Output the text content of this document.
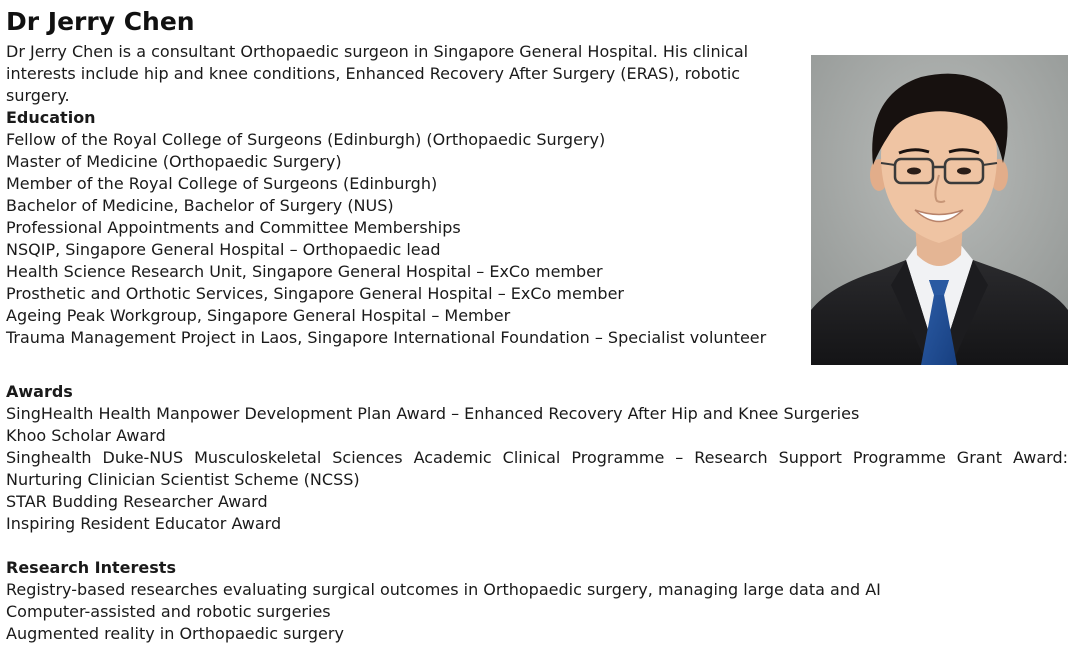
Dr Jerry Chen

Dr Jerry Chen is a consultant Orthopaedic surgeon in Singapore General Hospital. His clinical interests include hip and knee conditions, Enhanced Recovery After Surgery (ERAS), robotic surgery.

Education

Fellow of the Royal College of Surgeons (Edinburgh) (Orthopaedic Surgery)

Master of Medicine (Orthopaedic Surgery)

Member of the Royal College of Surgeons (Edinburgh)

Bachelor of Medicine, Bachelor of Surgery (NUS)

Professional Appointments and Committee Memberships

NSQIP, Singapore General Hospital – Orthopaedic lead

Health Science Research Unit, Singapore General Hospital – ExCo member

Prosthetic and Orthotic Services, Singapore General Hospital – ExCo member

Ageing Peak Workgroup, Singapore General Hospital – Member

Trauma Management Project in Laos, Singapore International Foundation – Specialist volunteer

Awards

SingHealth Health Manpower Development Plan Award – Enhanced Recovery After Hip and Knee Surgeries

Khoo Scholar Award

Singhealth Duke-NUS Musculoskeletal Sciences Academic Clinical Programme – Research Support Programme Grant Award: Nurturing Clinician Scientist Scheme (NCSS)

STAR Budding Researcher Award

Inspiring Resident Educator Award

Research Interests

Registry-based researches evaluating surgical outcomes in Orthopaedic surgery, managing large data and AI

Computer-assisted and robotic surgeries

Augmented reality in Orthopaedic surgery
